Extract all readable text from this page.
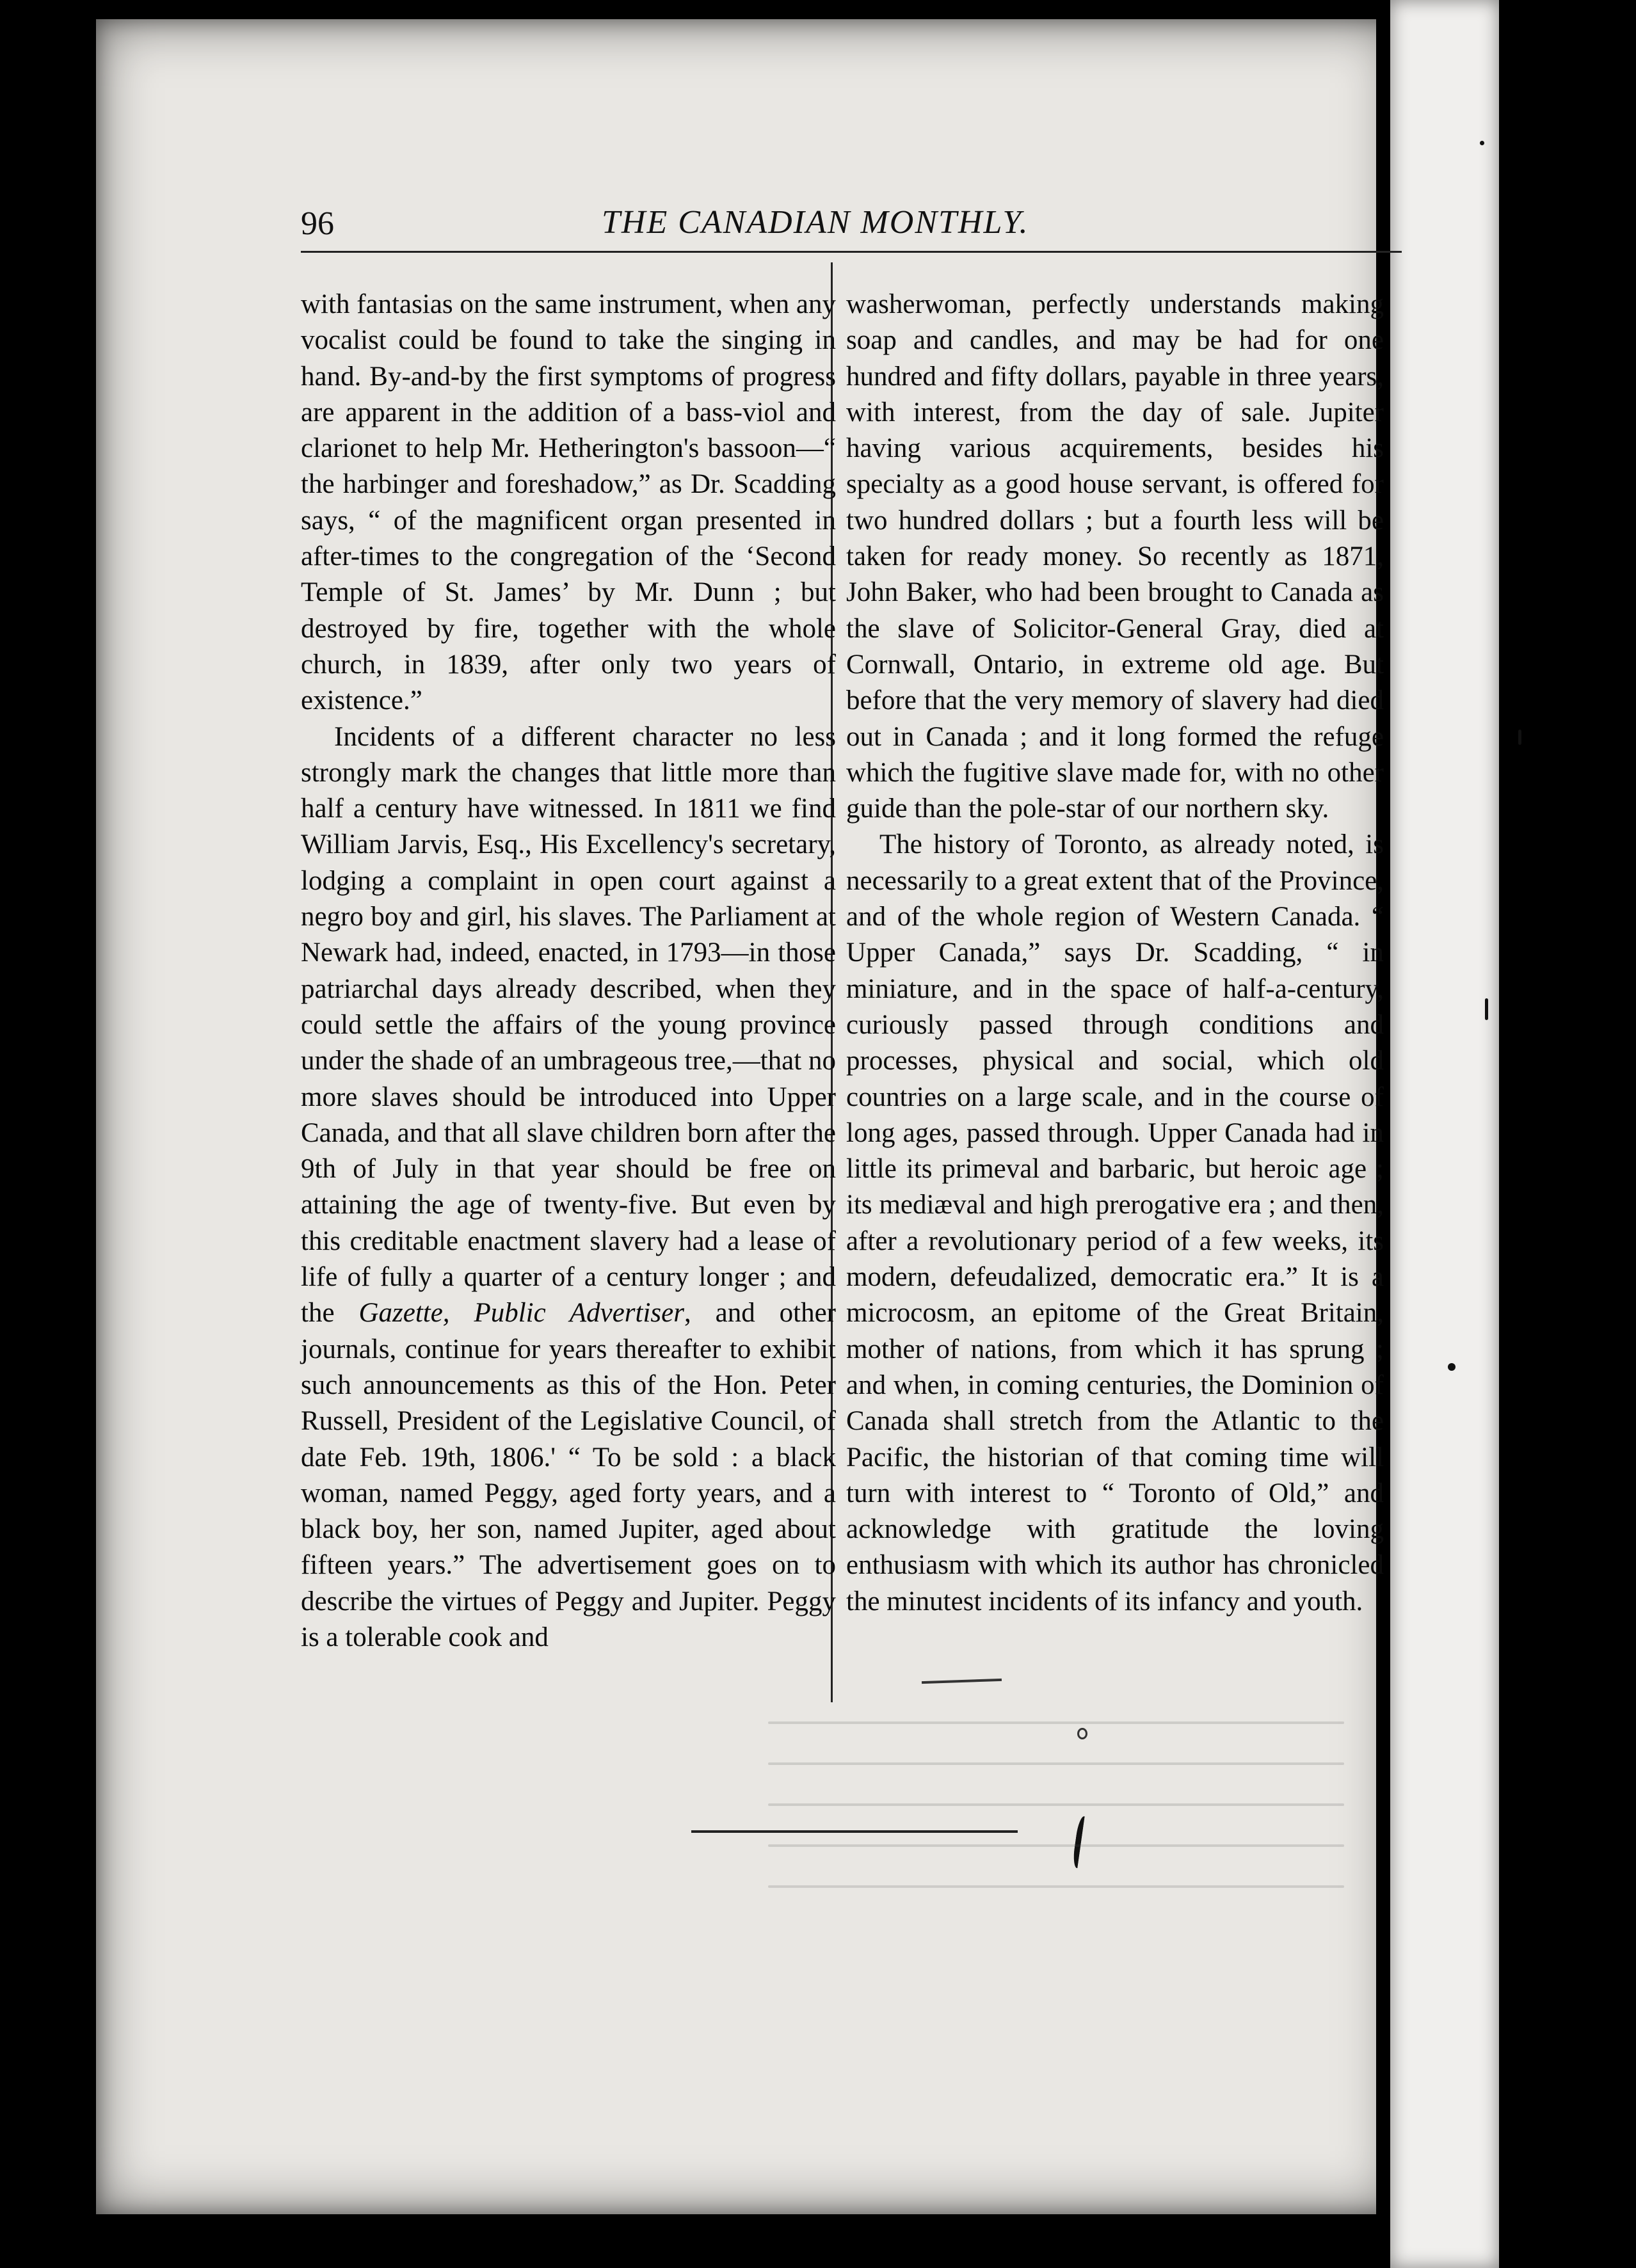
96	THE CANADIAN MONTHLY.

with fantasias on the same instrument, when any vocalist could be found to take the singing in hand. By-and-by the first symptoms of progress are apparent in the addition of a bass-viol and clarionet to help Mr. Hetherington's bassoon—“ the harbinger and foreshadow,” as Dr. Scadding says, “ of the magnificent organ presented in after-times to the congregation of the ‘Second Temple of St. James’ by Mr. Dunn ; but destroyed by fire, together with the whole church, in 1839, after only two years of existence.”

Incidents of a different character no less strongly mark the changes that little more than half a century have witnessed. In 1811 we find William Jarvis, Esq., His Excellency's secretary, lodging a complaint in open court against a negro boy and girl, his slaves. The Parliament at Newark had, indeed, enacted, in 1793—in those patriarchal days already described, when they could settle the affairs of the young province under the shade of an umbrageous tree,—that no more slaves should be introduced into Upper Canada, and that all slave children born after the 9th of July in that year should be free on attaining the age of twenty-five. But even by this creditable enactment slavery had a lease of life of fully a quarter of a century longer ; and the Gazette, Public Advertiser, and other journals, continue for years thereafter to exhibit such announcements as this of the Hon. Peter Russell, President of the Legislative Council, of date Feb. 19th, 1806.' “ To be sold : a black woman, named Peggy, aged forty years, and a black boy, her son, named Jupiter, aged about fifteen years.” The advertisement goes on to describe the virtues of Peggy and Jupiter. Peggy is a tolerable cook and

washerwoman, perfectly understands making soap and candles, and may be had for one hundred and fifty dollars, payable in three years, with interest, from the day of sale. Jupiter having various acquirements, besides his specialty as a good house servant, is offered for two hundred dollars ; but a fourth less will be taken for ready money. So recently as 1871, John Baker, who had been brought to Canada as the slave of Solicitor-General Gray, died at Cornwall, Ontario, in extreme old age. But before that the very memory of slavery had died out in Canada ; and it long formed the refuge which the fugitive slave made for, with no other guide than the pole-star of our northern sky.

The history of Toronto, as already noted, is necessarily to a great extent that of the Province, and of the whole region of Western Canada. “ Upper Canada,” says Dr. Scadding, “ in miniature, and in the space of half-a-century, curiously passed through conditions and processes, physical and social, which old countries on a large scale, and in the course of long ages, passed through. Upper Canada had in little its primeval and barbaric, but heroic age ; its mediæval and high prerogative era ; and then, after a revolutionary period of a few weeks, its modern, defeudalized, democratic era.” It is a microcosm, an epitome of the Great Britain, mother of nations, from which it has sprung ; and when, in coming centuries, the Dominion of Canada shall stretch from the Atlantic to the Pacific, the historian of that coming time will turn with interest to “ Toronto of Old,” and acknowledge with gratitude the loving enthusiasm with which its author has chronicled the minutest incidents of its infancy and youth.
